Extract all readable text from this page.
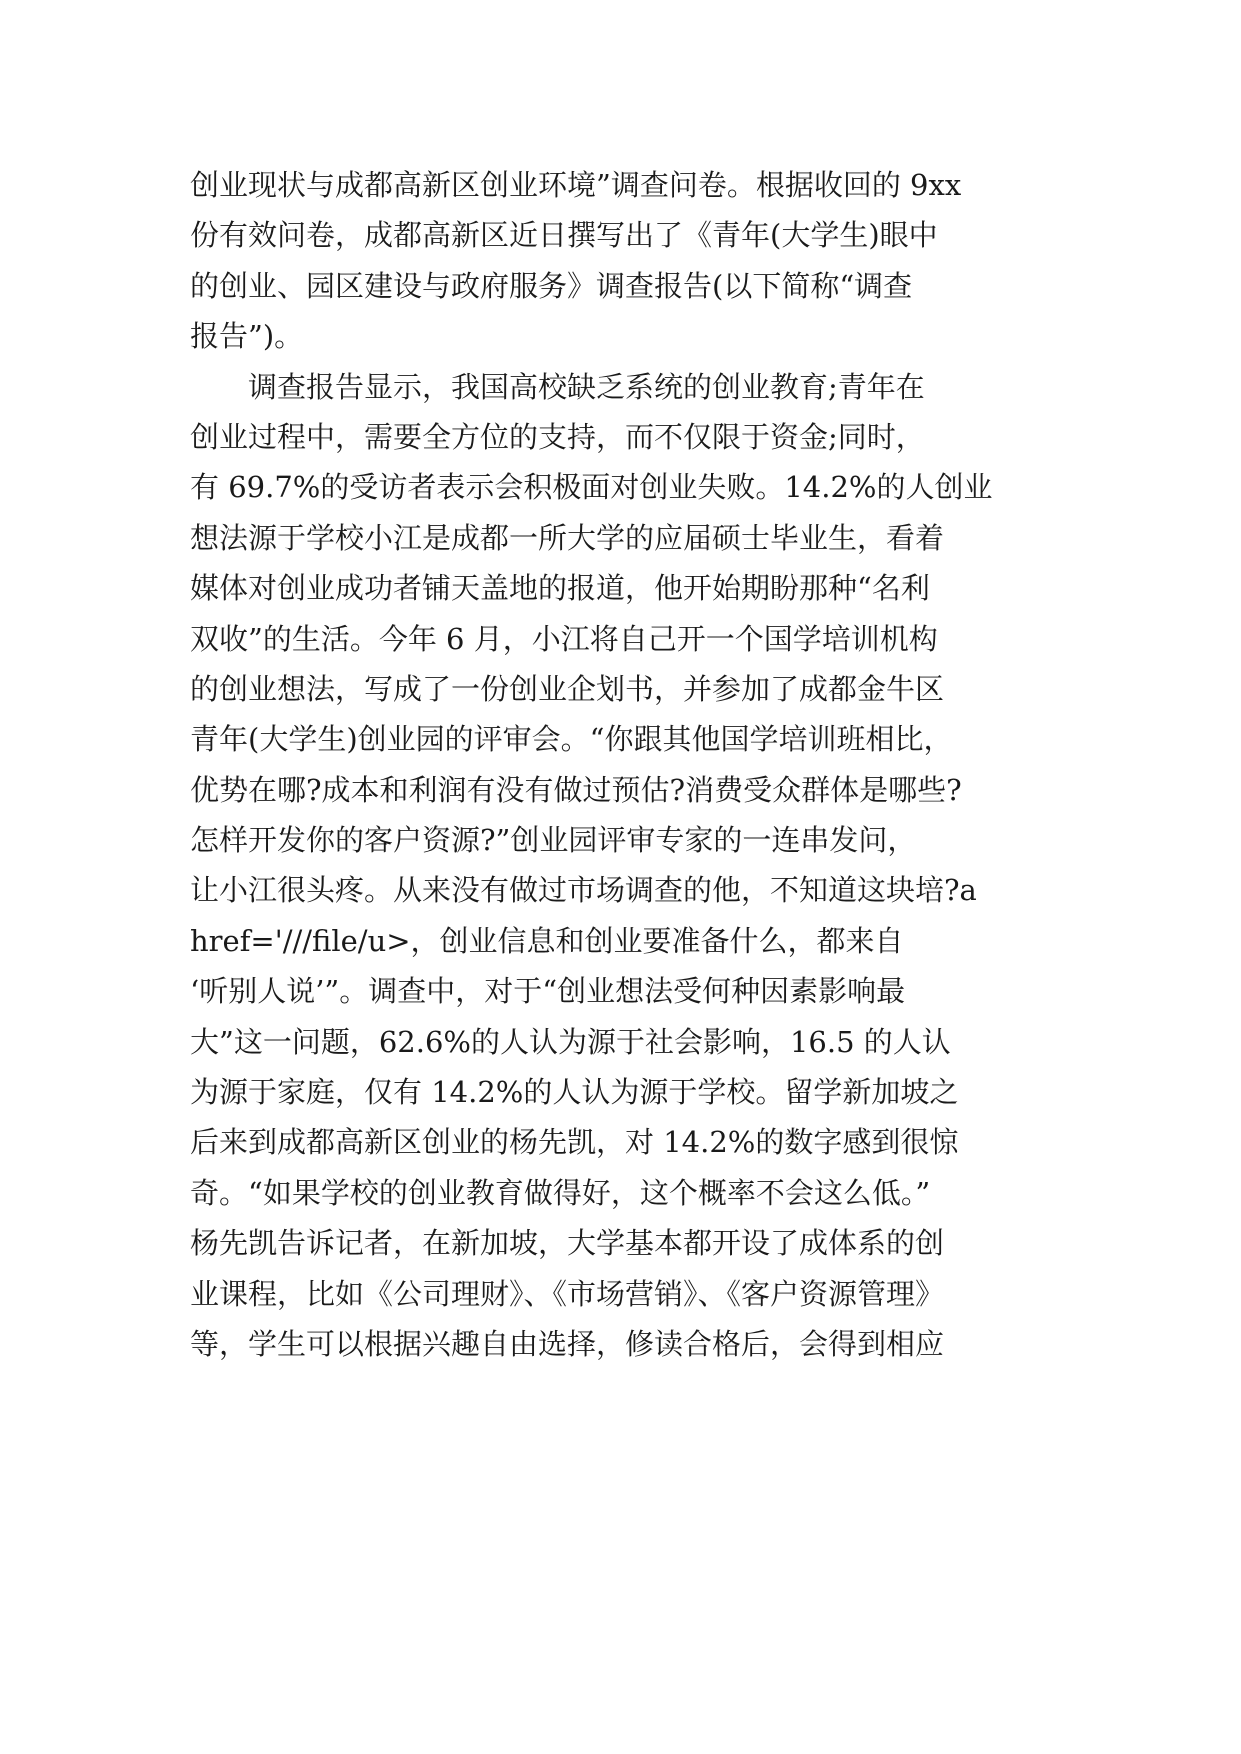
创业现状与成都高新区创业环境”调查问卷。根据收回的 9xx
份有效问卷，成都高新区近日撰写出了《青年(大学生)眼中
的创业、园区建设与政府服务》调查报告(以下简称“调查
报告”)。
　　调查报告显示，我国高校缺乏系统的创业教育;青年在
创业过程中，需要全方位的支持，而不仅限于资金;同时，
有 69.7%的受访者表示会积极面对创业失败。14.2%的人创业
想法源于学校小江是成都一所大学的应届硕士毕业生，看着
媒体对创业成功者铺天盖地的报道，他开始期盼那种“名利
双收”的生活。今年 6 月，小江将自己开一个国学培训机构
的创业想法，写成了一份创业企划书，并参加了成都金牛区
青年(大学生)创业园的评审会。“你跟其他国学培训班相比，
优势在哪?成本和利润有没有做过预估?消费受众群体是哪些?
怎样开发你的客户资源?”创业园评审专家的一连串发问，
让小江很头疼。从来没有做过市场调查的他，不知道这块培?a
href='///file/u>，创业信息和创业要准备什么，都来自
‘听别人说’”。调查中，对于“创业想法受何种因素影响最
大”这一问题，62.6%的人认为源于社会影响，16.5 的人认
为源于家庭，仅有 14.2%的人认为源于学校。留学新加坡之
后来到成都高新区创业的杨先凯，对 14.2%的数字感到很惊
奇。“如果学校的创业教育做得好，这个概率不会这么低。”
杨先凯告诉记者，在新加坡，大学基本都开设了成体系的创
业课程，比如《公司理财》、《市场营销》、《客户资源管理》
等，学生可以根据兴趣自由选择，修读合格后，会得到相应
